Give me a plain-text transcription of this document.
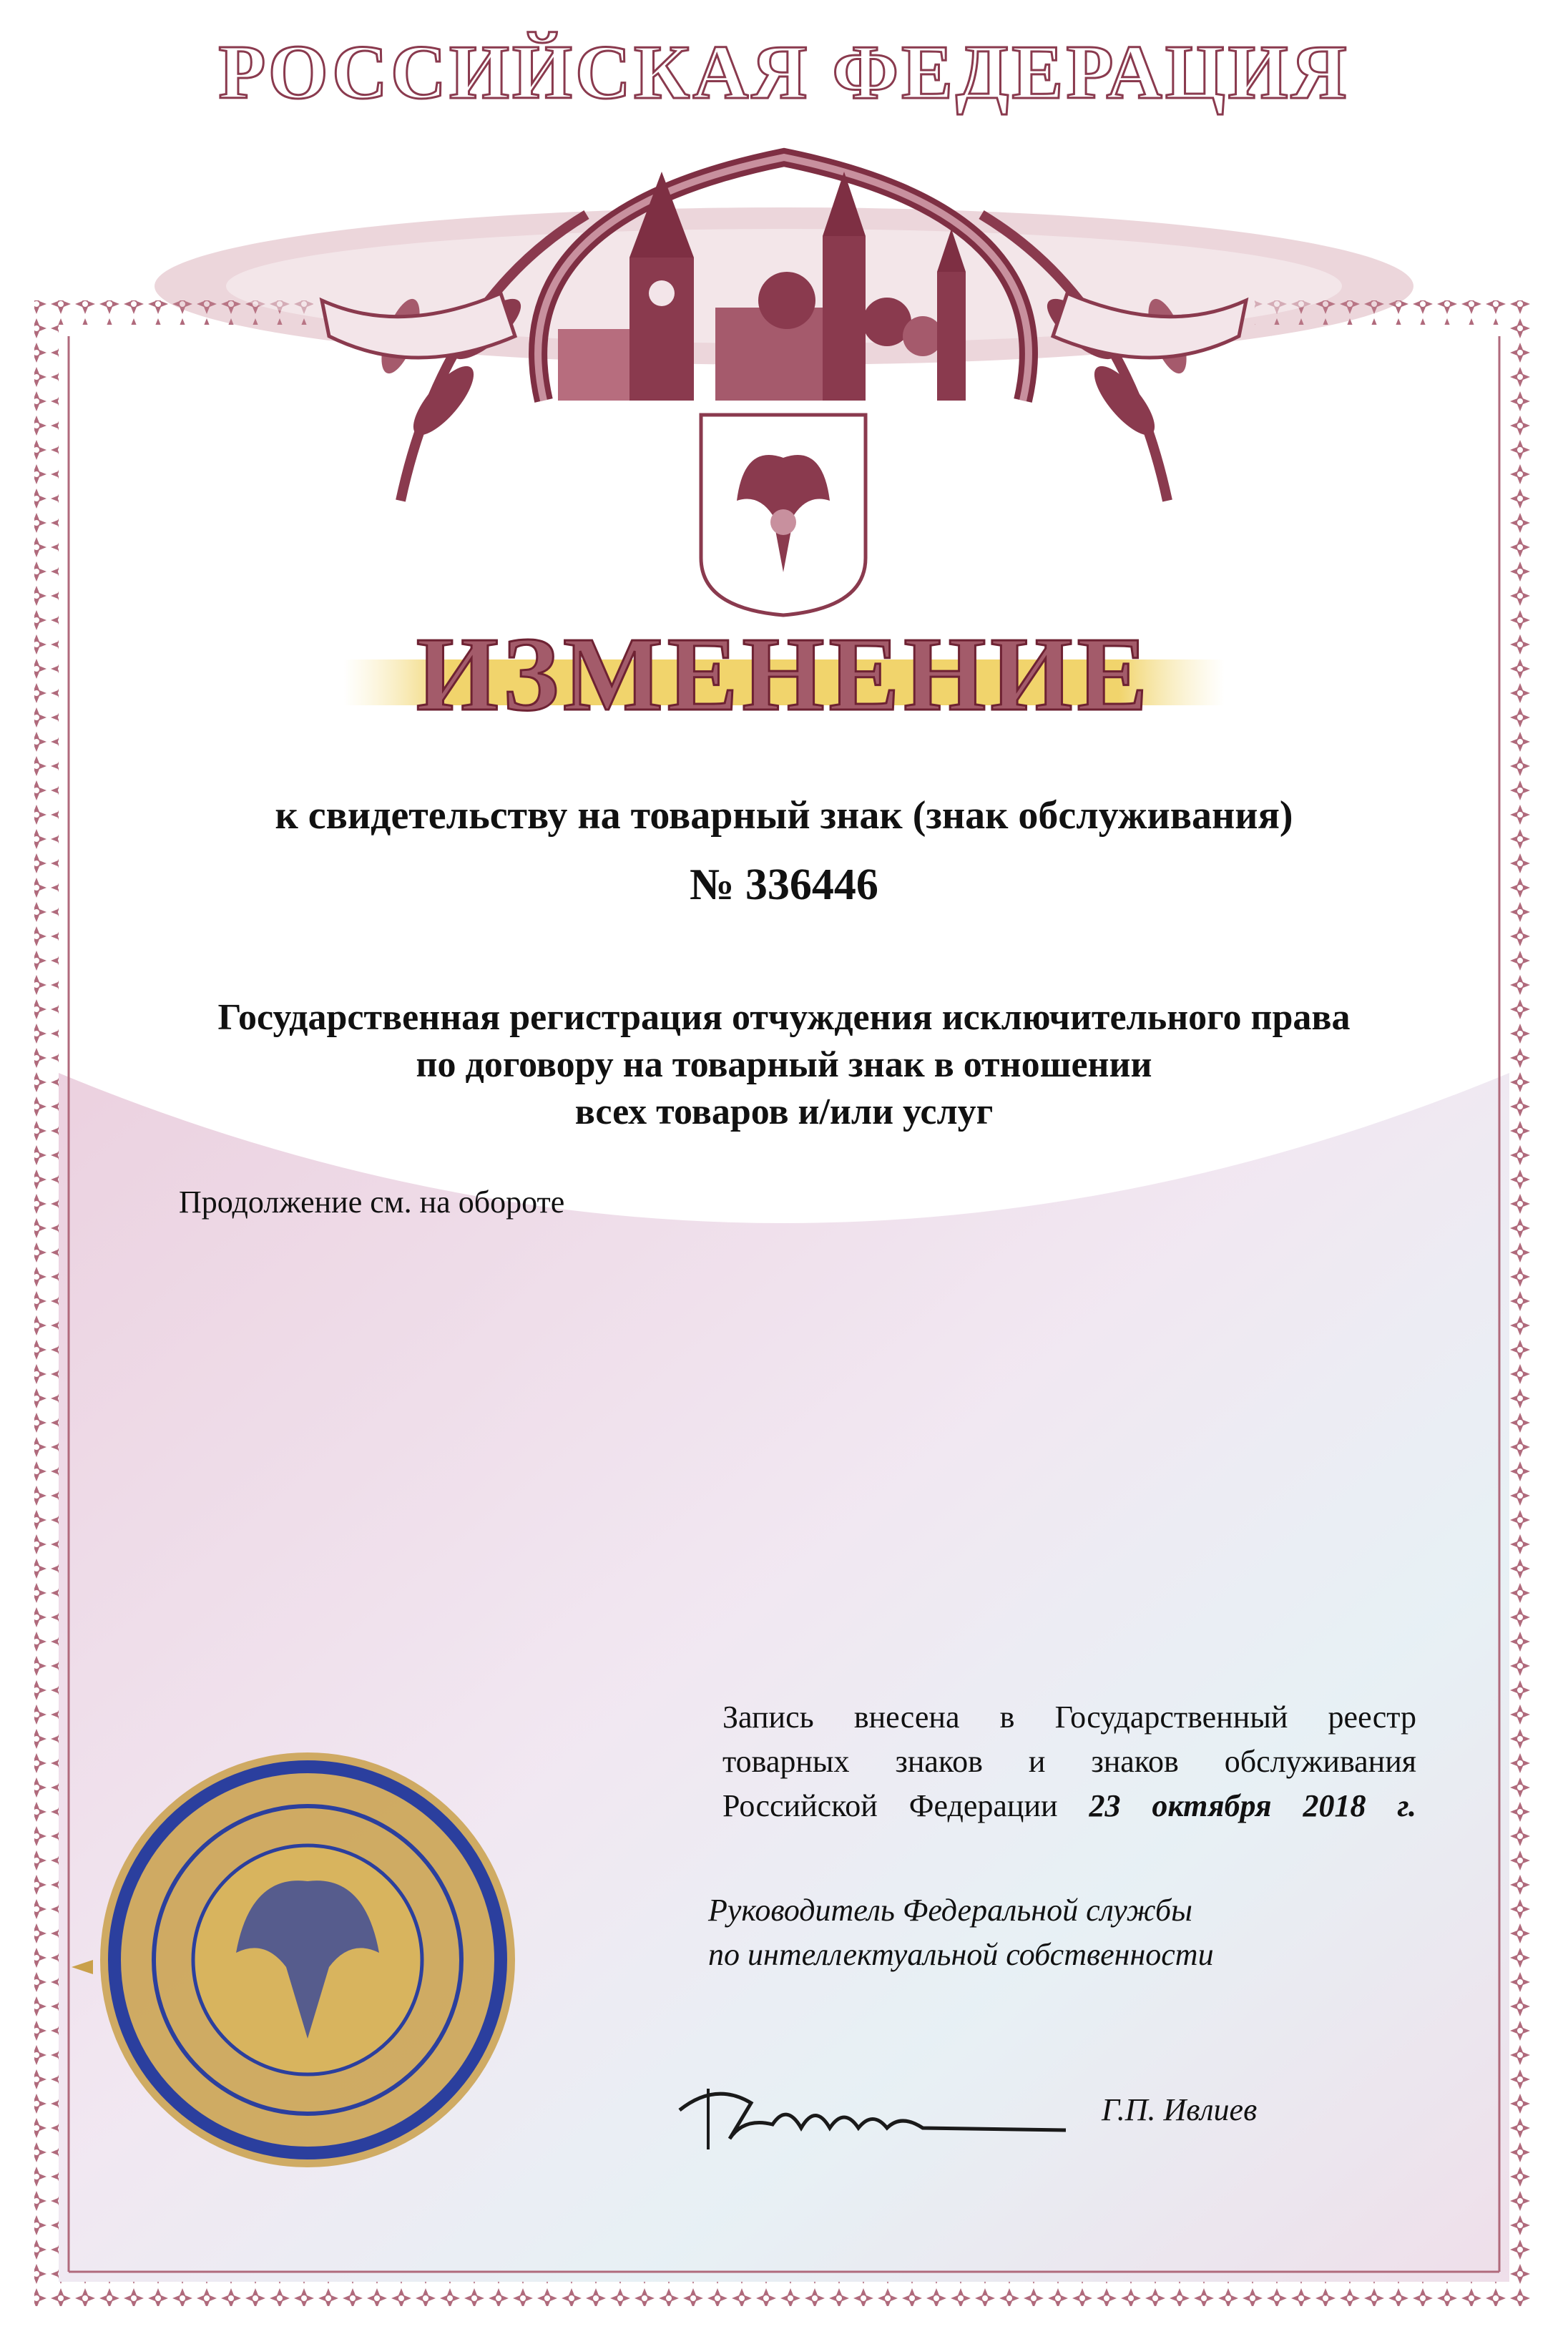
РОССИЙСКАЯ ФЕДЕРАЦИЯ
ИЗМЕНЕНИЕ
к свидетельству на товарный знак (знак обслуживания)
№ 336446
Государственная регистрация отчуждения исключительного права
по договору на товарный знак в отношении
всех товаров и/или услуг
Продолжение см. на обороте
Запись внесена в Государственный реестр
товарных знаков и знаков обслуживания
Российской Федерации 23 октября 2018 г.
Руководитель Федеральной службы
по интеллектуальной собственности
Г.П. Ивлиев
